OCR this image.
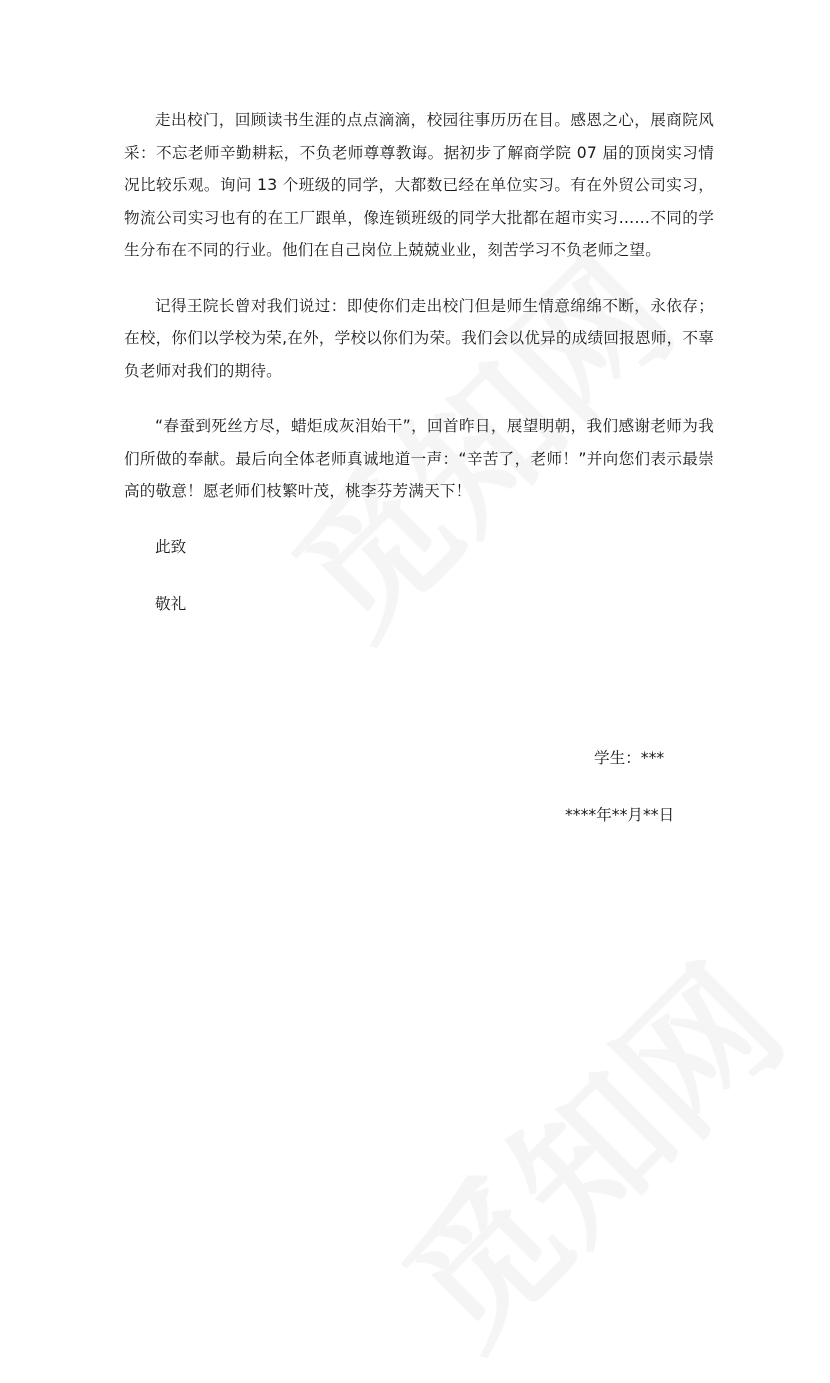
走出校门，回顾读书生涯的点点滴滴，校园往事历历在目。感恩之心，展商院风采：不忘老师辛勤耕耘，不负老师尊尊教诲。据初步了解商学院 07 届的顶岗实习情况比较乐观。询问 13 个班级的同学，大都数已经在单位实习。有在外贸公司实习，物流公司实习也有的在工厂跟单，像连锁班级的同学大批都在超市实习……不同的学生分布在不同的行业。他们在自己岗位上兢兢业业，刻苦学习不负老师之望。

记得王院长曾对我们说过：即使你们走出校门但是师生情意绵绵不断，永依存；在校，你们以学校为荣,在外，学校以你们为荣。我们会以优异的成绩回报恩师，不辜负老师对我们的期待。

“春蚕到死丝方尽，蜡炬成灰泪始干”，回首昨日，展望明朝，我们感谢老师为我们所做的奉献。最后向全体老师真诚地道一声：“辛苦了，老师！”并向您们表示最崇高的敬意！愿老师们枝繁叶茂，桃李芬芳满天下！

此致

敬礼

学生：***
****年**月**日
